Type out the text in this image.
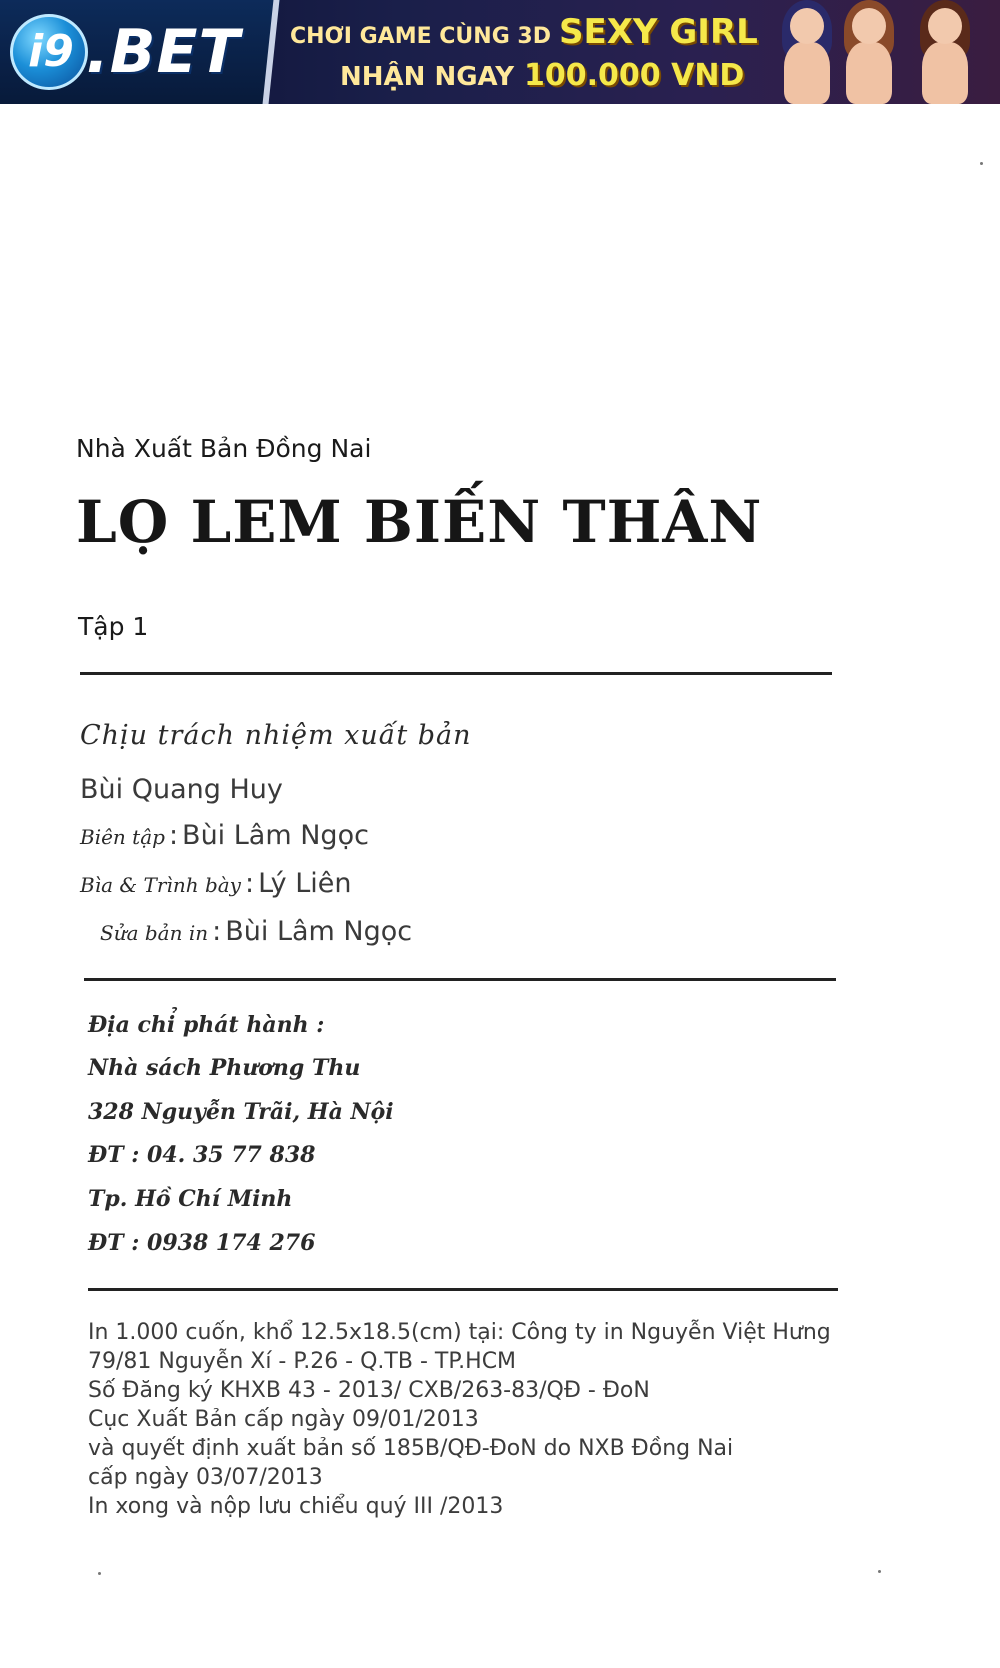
i9 .BET CHƠI GAME CÙNG 3D SEXY GIRL
NHẬN NGAY 100.000 VND
Nhà Xuất Bản Đồng Nai
LỌ LEM BIẾN THÂN
Tập 1
Chịu trách nhiệm xuất bản
Bùi Quang Huy
Biên tập : Bùi Lâm Ngọc
Bìa & Trình bày : Lý Liên
Sửa bản in : Bùi Lâm Ngọc
Địa chỉ phát hành :
Nhà sách Phương Thu
328 Nguyễn Trãi, Hà Nội
ĐT : 04. 35 77 838
Tp. Hồ Chí Minh
ĐT : 0938 174 276
In 1.000 cuốn, khổ 12.5x18.5(cm) tại: Công ty in Nguyễn Việt Hưng
79/81 Nguyễn Xí - P.26 - Q.TB - TP.HCM
Số Đăng ký KHXB 43 - 2013/ CXB/263-83/QĐ - ĐoN
Cục Xuất Bản cấp ngày 09/01/2013
và quyết định xuất bản số 185B/QĐ-ĐoN do NXB Đồng Nai
cấp ngày 03/07/2013
In xong và nộp lưu chiểu quý III /2013
